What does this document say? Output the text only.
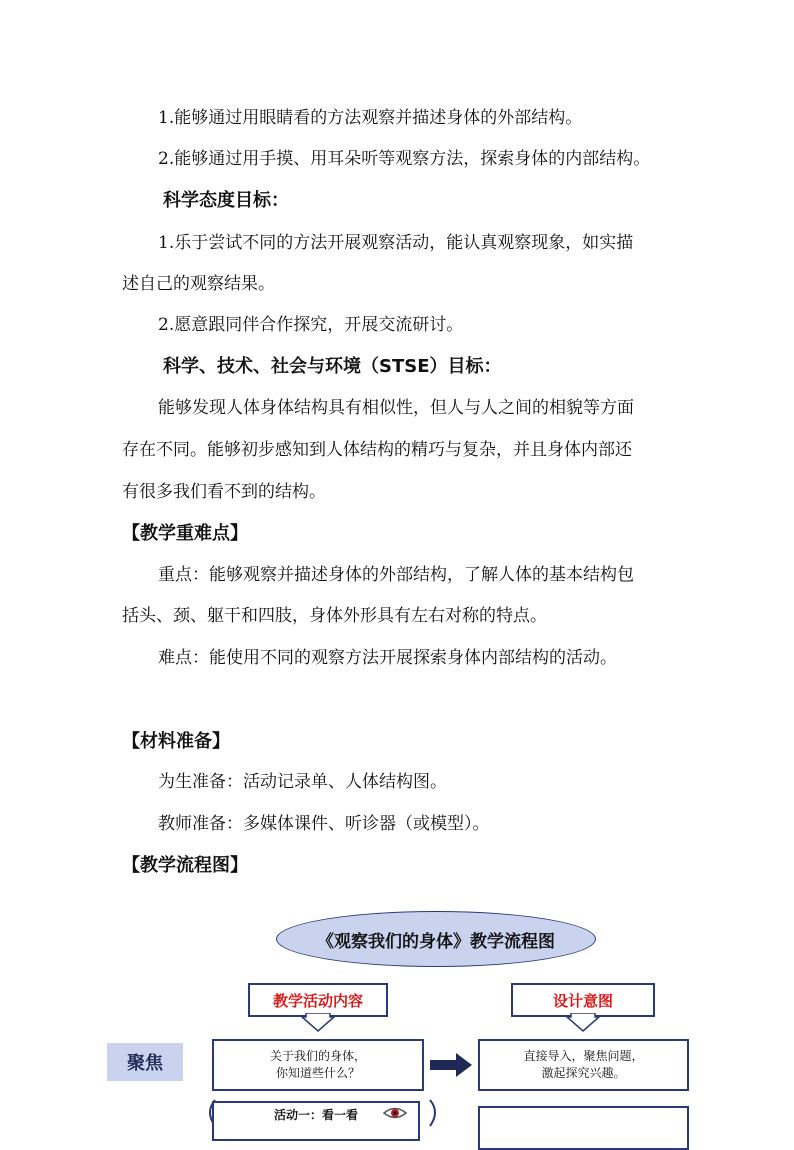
1.能够通过用眼睛看的方法观察并描述身体的外部结构。
2.能够通过用手摸、用耳朵听等观察方法，探索身体的内部结构。
科学态度目标：
1.乐于尝试不同的方法开展观察活动，能认真观察现象，如实描
述自己的观察结果。
2.愿意跟同伴合作探究，开展交流研讨。
科学、技术、社会与环境（STSE）目标：
能够发现人体身体结构具有相似性，但人与人之间的相貌等方面
存在不同。能够初步感知到人体结构的精巧与复杂，并且身体内部还
有很多我们看不到的结构。
【教学重难点】
重点：能够观察并描述身体的外部结构，了解人体的基本结构包
括头、颈、躯干和四肢，身体外形具有左右对称的特点。
难点：能使用不同的观察方法开展探索身体内部结构的活动。
【材料准备】
为生准备：活动记录单、人体结构图。
教师准备：多媒体课件、听诊器（或模型）。
【教学流程图】
《观察我们的身体》教学流程图
教学活动内容	设计意图
聚焦	关于我们的身体，
你知道些什么？
直接导入，聚焦问题，
激起探究兴趣。
活动一：看一看
